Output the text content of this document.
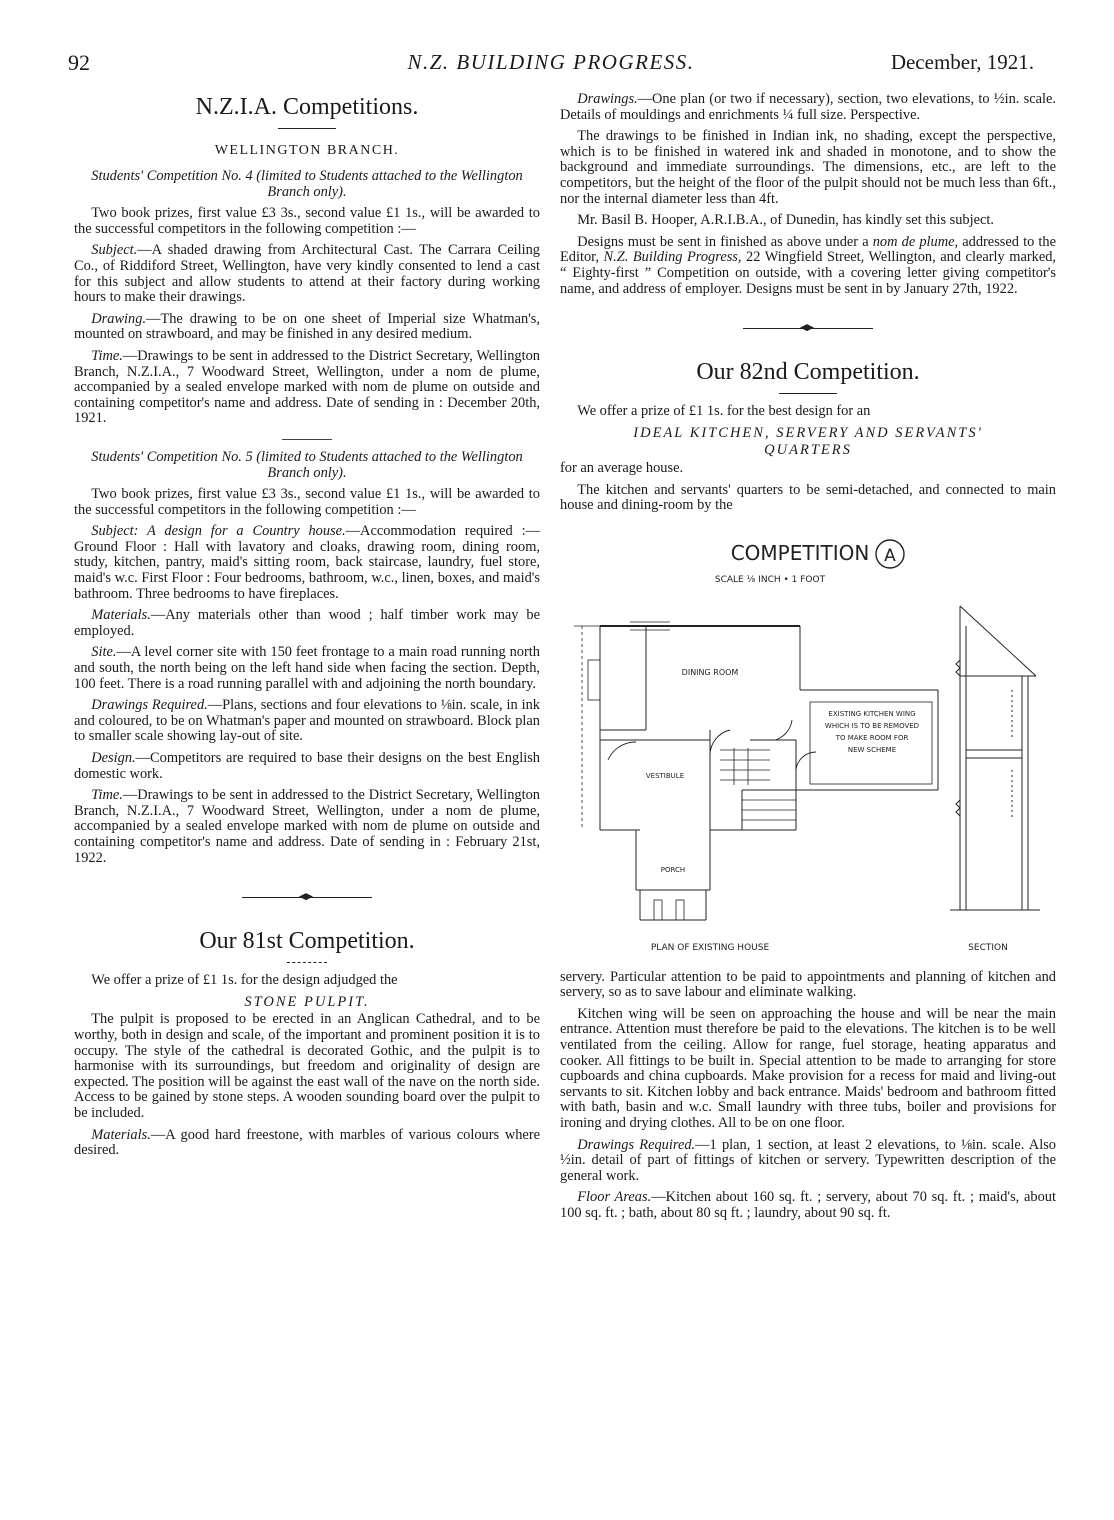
92	N.Z. BUILDING PROGRESS.	December, 1921.
N.Z.I.A. Competitions.
WELLINGTON BRANCH.

Students' Competition No. 4 (limited to Students attached to the Wellington Branch only).

Two book prizes, first value £3 3s., second value £1 1s., will be awarded to the successful competitors in the following competition :—

Subject.—A shaded drawing from Architectural Cast. The Carrara Ceiling Co., of Riddiford Street, Wellington, have very kindly consented to lend a cast for this subject and allow students to attend at their factory during working hours to make their drawings.

Drawing.—The drawing to be on one sheet of Imperial size Whatman's, mounted on strawboard, and may be finished in any desired medium.

Time.—Drawings to be sent in addressed to the District Secretary, Wellington Branch, N.Z.I.A., 7 Woodward Street, Wellington, under a nom de plume, accompanied by a sealed envelope marked with nom de plume on outside and containing competitor's name and address. Date of sending in : December 20th, 1921.

Students' Competition No. 5 (limited to Students attached to the Wellington Branch only).

Two book prizes, first value £3 3s., second value £1 1s., will be awarded to the successful competitors in the following competition :—

Subject: A design for a Country house.—Accommodation required :—Ground Floor : Hall with lavatory and cloaks, drawing room, dining room, study, kitchen, pantry, maid's sitting room, back staircase, laundry, fuel store, maid's w.c. First Floor : Four bedrooms, bathroom, w.c., linen, boxes, and maid's bathroom. Three bedrooms to have fireplaces.

Materials.—Any materials other than wood ; half timber work may be employed.

Site.—A level corner site with 150 feet frontage to a main road running north and south, the north being on the left hand side when facing the section. Depth, 100 feet. There is a road running parallel with and adjoining the north boundary.

Drawings Required.—Plans, sections and four elevations to ⅛in. scale, in ink and coloured, to be on Whatman's paper and mounted on strawboard. Block plan to smaller scale showing lay-out of site.

Design.—Competitors are required to base their designs on the best English domestic work.

Time.—Drawings to be sent in addressed to the District Secretary, Wellington Branch, N.Z.I.A., 7 Woodward Street, Wellington, under a nom de plume, accompanied by a sealed envelope marked with nom de plume on outside and containing competitor's name and address. Date of sending in : February 21st, 1922.

Our 81st Competition.

We offer a prize of £1 1s. for the design adjudged the

STONE PULPIT.

The pulpit is proposed to be erected in an Anglican Cathedral, and to be worthy, both in design and scale, of the important and prominent position it is to occupy. The style of the cathedral is decorated Gothic, and the pulpit is to harmonise with its surroundings, but freedom and originality of design are expected. The position will be against the east wall of the nave on the north side. Access to be gained by stone steps. A wooden sounding board over the pulpit to be included.

Materials.—A good hard freestone, with marbles of various colours where desired.

Drawings.—One plan (or two if necessary), section, two elevations, to ½in. scale. Details of mouldings and enrichments ¼ full size. Perspective.

The drawings to be finished in Indian ink, no shading, except the perspective, which is to be finished in watered ink and shaded in monotone, and to show the background and immediate surroundings. The dimensions, etc., are left to the competitors, but the height of the floor of the pulpit should not be much less than 6ft., nor the internal diameter less than 4ft.

Mr. Basil B. Hooper, A.R.I.B.A., of Dunedin, has kindly set this subject.

Designs must be sent in finished as above under a nom de plume, addressed to the Editor, N.Z. Building Progress, 22 Wingfield Street, Wellington, and clearly marked, “ Eighty-first ” Competition on outside, with a covering letter giving competitor's name, and address of employer. Designs must be sent in by January 27th, 1922.

Our 82nd Competition.

We offer a prize of £1 1s. for the best design for an

IDEAL KITCHEN, SERVERY AND SERVANTS'

QUARTERS

for an average house.

The kitchen and servants' quarters to be semi-detached, and connected to main house and dining-room by the

COMPETITION A
SCALE ⅛ INCH • 1 FOOT
DINING ROOM
EXISTING KITCHEN WING
WHICH IS TO BE REMOVED
TO MAKE ROOM FOR
NEW SCHEME
VESTIBULE
PORCH
PLAN OF EXISTING HOUSE	SECTION

servery. Particular attention to be paid to appointments and planning of kitchen and servery, so as to save labour and eliminate walking.

Kitchen wing will be seen on approaching the house and will be near the main entrance. Attention must therefore be paid to the elevations. The kitchen is to be well ventilated from the ceiling. Allow for range, fuel storage, heating apparatus and cooker. All fittings to be built in. Special attention to be made to arranging for store cupboards and china cupboards. Make provision for a recess for maid and living-out servants to sit. Kitchen lobby and back entrance. Maids' bedroom and bathroom fitted with bath, basin and w.c. Small laundry with three tubs, boiler and provisions for ironing and drying clothes. All to be on one floor.

Drawings Required.—1 plan, 1 section, at least 2 elevations, to ⅛in. scale. Also ½in. detail of part of fittings of kitchen or servery. Typewritten description of the general work.

Floor Areas.—Kitchen about 160 sq. ft. ; servery, about 70 sq. ft. ; maid's, about 100 sq. ft. ; bath, about 80 sq ft. ; laundry, about 90 sq. ft.
